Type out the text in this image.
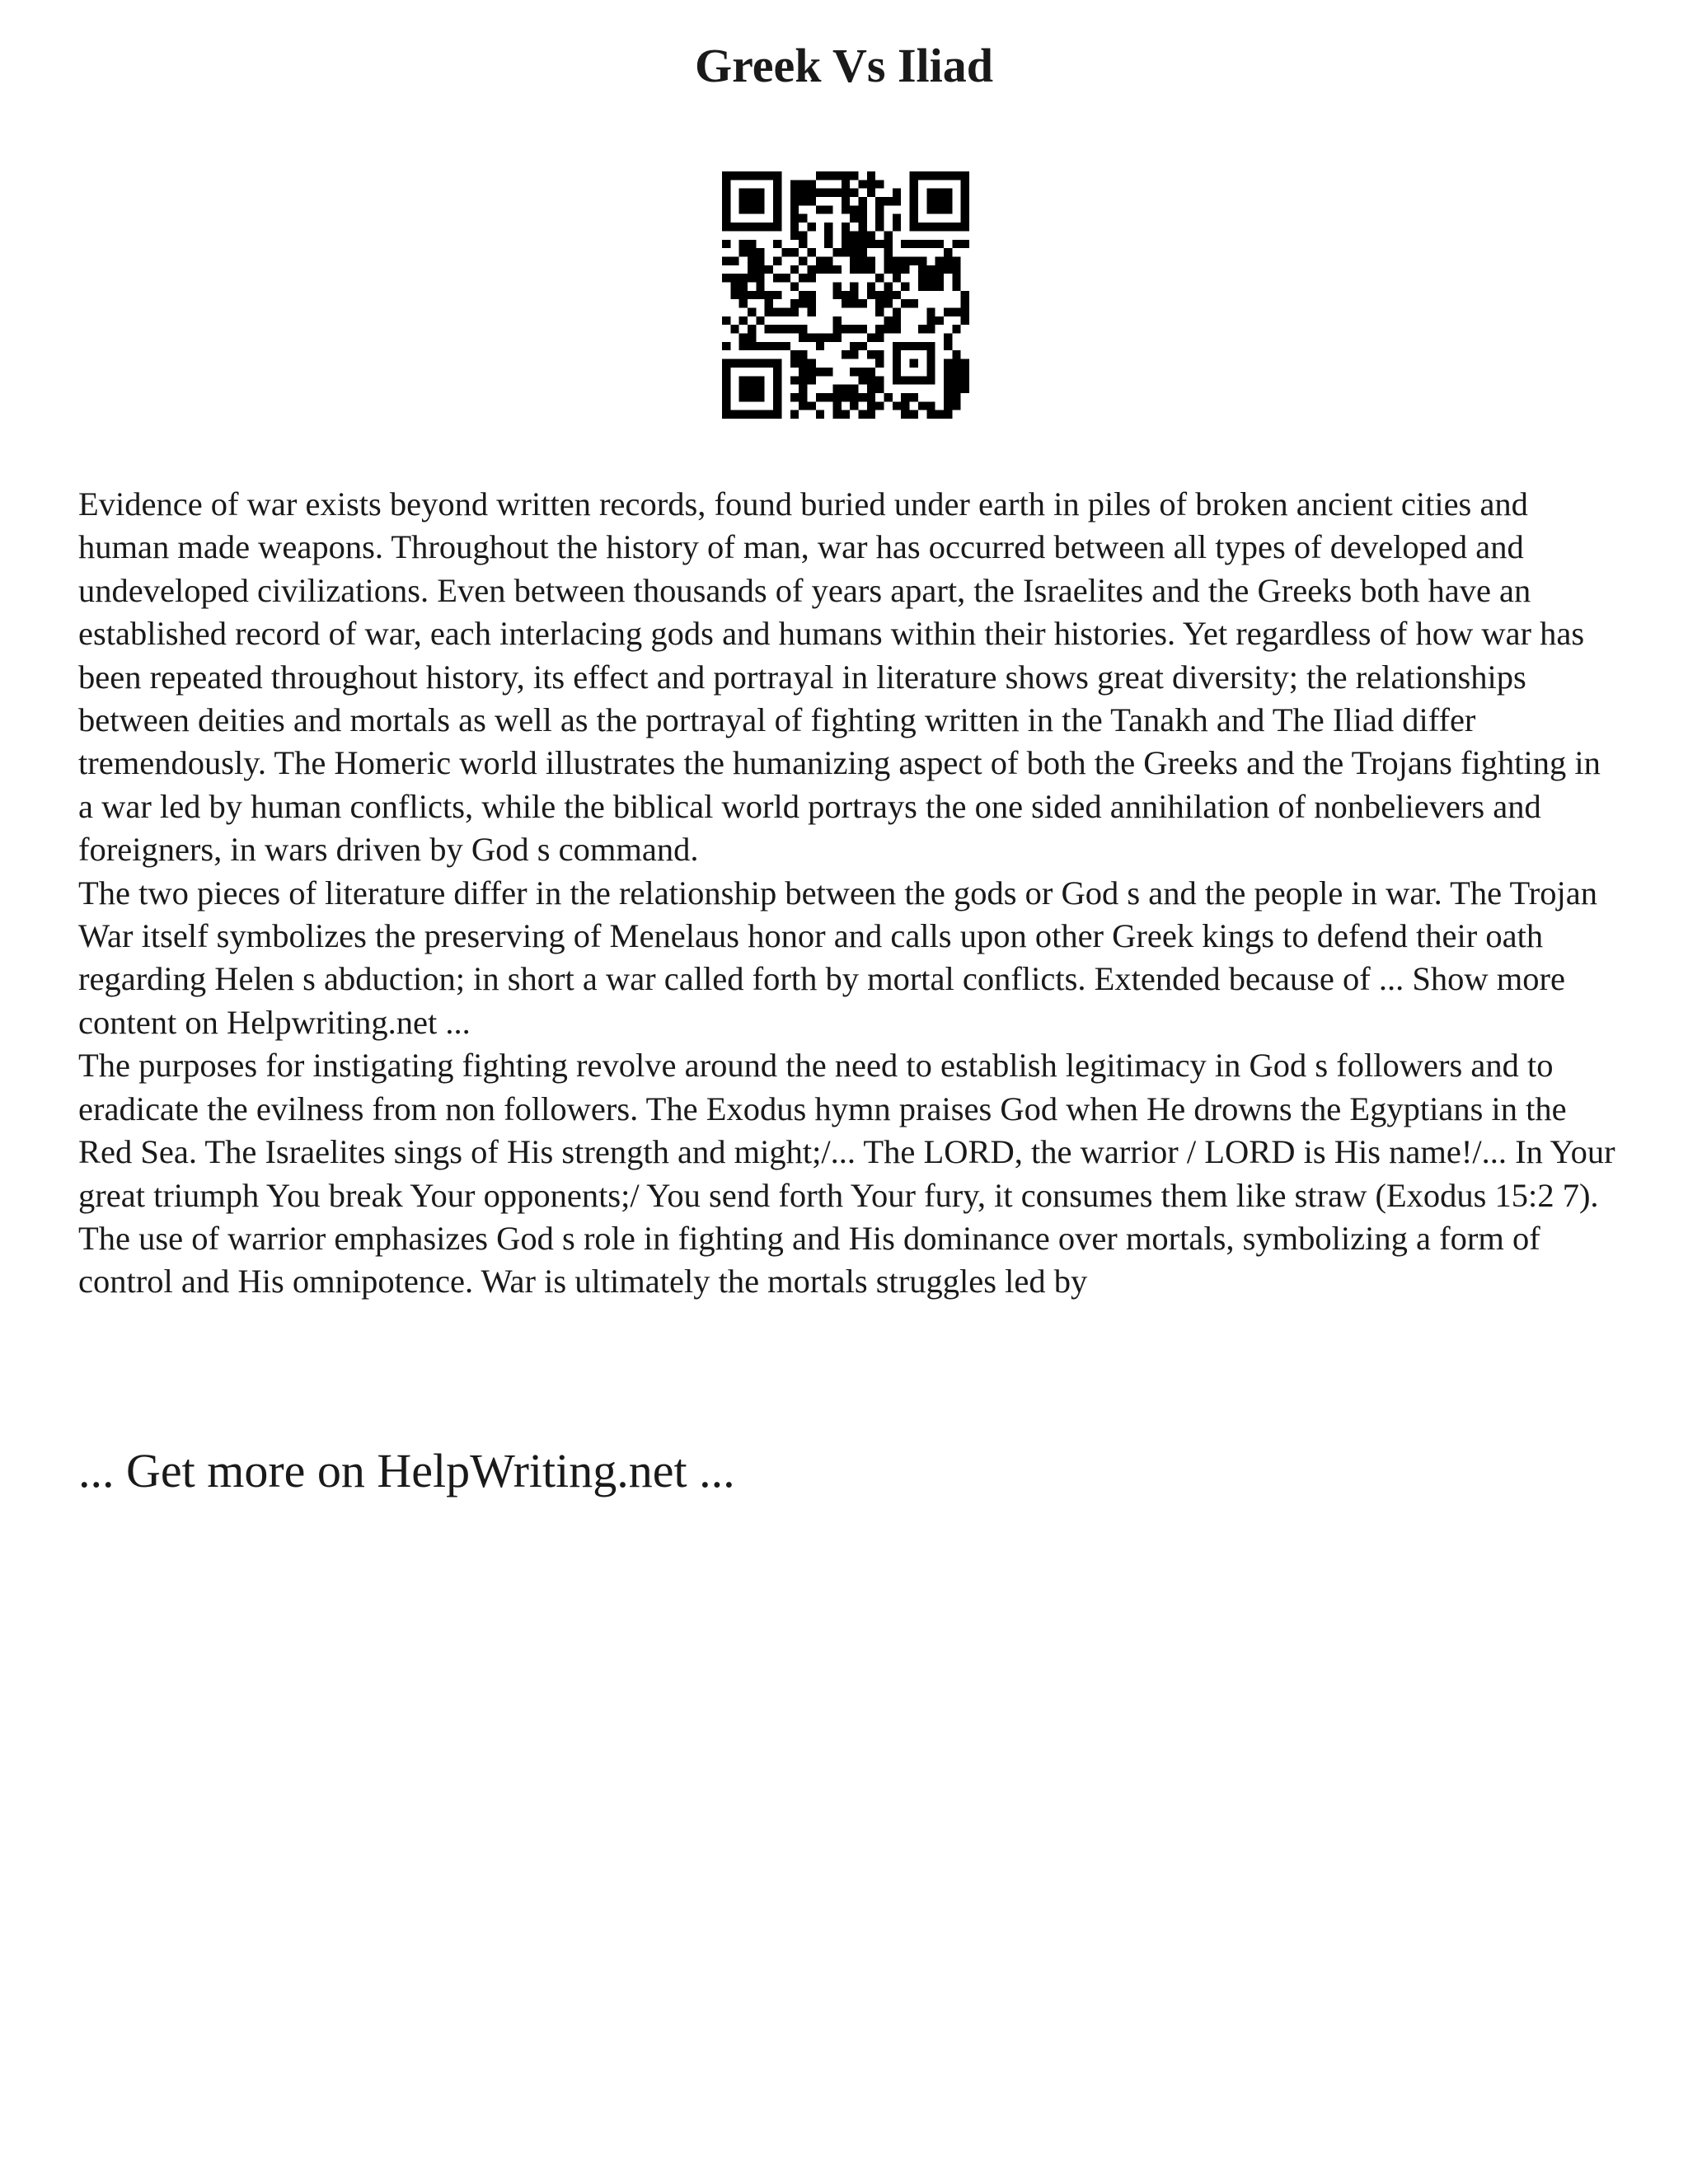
Greek Vs Iliad

Evidence of war exists beyond written records, found buried under earth in piles of broken ancient cities and human made weapons. Throughout the history of man, war has occurred between all types of developed and undeveloped civilizations. Even between thousands of years apart, the Israelites and the Greeks both have an established record of war, each interlacing gods and humans within their histories. Yet regardless of how war has been repeated throughout history, its effect and portrayal in literature shows great diversity; the relationships between deities and mortals as well as the portrayal of fighting written in the Tanakh and The Iliad differ tremendously. The Homeric world illustrates the humanizing aspect of both the Greeks and the Trojans fighting in a war led by human conflicts, while the biblical world portrays the one sided annihilation of nonbelievers and foreigners, in wars driven by God s command.

The two pieces of literature differ in the relationship between the gods or God s and the people in war. The Trojan War itself symbolizes the preserving of Menelaus honor and calls upon other Greek kings to defend their oath regarding Helen s abduction; in short a war called forth by mortal conflicts. Extended because of ... Show more content on Helpwriting.net ...

The purposes for instigating fighting revolve around the need to establish legitimacy in God s followers and to eradicate the evilness from non followers. The Exodus hymn praises God when He drowns the Egyptians in the Red Sea. The Israelites sings of His strength and might;/... The LORD, the warrior / LORD is His name!/... In Your great triumph You break Your opponents;/ You send forth Your fury, it consumes them like straw (Exodus 15:2 7). The use of warrior emphasizes God s role in fighting and His dominance over mortals, symbolizing a form of control and His omnipotence. War is ultimately the mortals struggles led by

... Get more on HelpWriting.net ...
